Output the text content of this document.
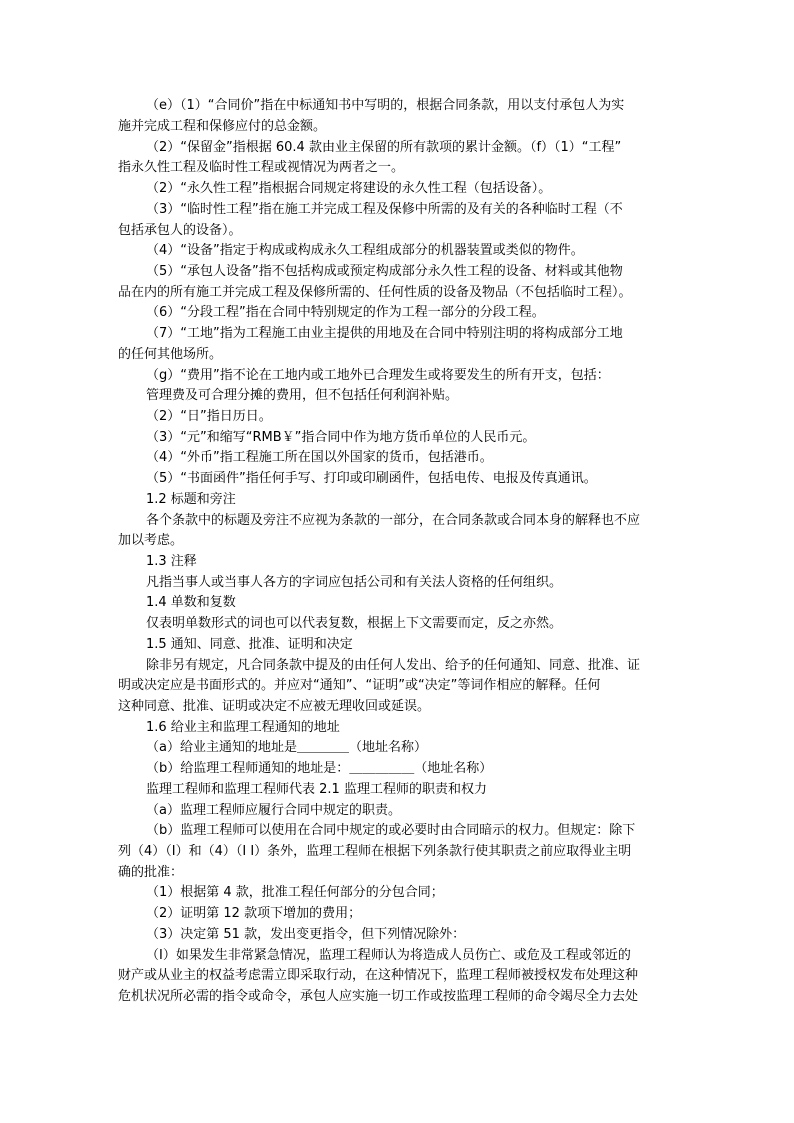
（e）（1）“合同价”指在中标通知书中写明的，根据合同条款，用以支付承包人为实
施并完成工程和保修应付的总金额。
（2）“保留金”指根据 60.4 款由业主保留的所有款项的累计金额。（f）（1）“工程”
指永久性工程及临时性工程或视情况为两者之一。
（2）“永久性工程”指根据合同规定将建设的永久性工程（包括设备）。
（3）“临时性工程”指在施工并完成工程及保修中所需的及有关的各种临时工程（不
包括承包人的设备）。
（4）“设备”指定于构成或构成永久工程组成部分的机器装置或类似的物件。
（5）“承包人设备”指不包括构成或预定构成部分永久性工程的设备、材料或其他物
品在内的所有施工并完成工程及保修所需的、任何性质的设备及物品（不包括临时工程）。
（6）“分段工程”指在合同中特别规定的作为工程一部分的分段工程。
（7）“工地”指为工程施工由业主提供的用地及在合同中特别注明的将构成部分工地
的任何其他场所。
（g）“费用”指不论在工地内或工地外已合理发生或将要发生的所有开支，包括：
管理费及可合理分摊的费用，但不包括任何利润补贴。
（2）“日”指日历日。
（3）“元”和缩写“RMB￥”指合同中作为地方货币单位的人民币元。
（4）“外币”指工程施工所在国以外国家的货币，包括港币。
（5）“书面函件”指任何手写、打印或印刷函件，包括电传、电报及传真通讯。
1.2 标题和旁注
各个条款中的标题及旁注不应视为条款的一部分，在合同条款或合同本身的解释也不应
加以考虑。
1.3 注释
凡指当事人或当事人各方的字词应包括公司和有关法人资格的任何组织。
1.4 单数和复数
仅表明单数形式的词也可以代表复数，根据上下文需要而定，反之亦然。
1.5 通知、同意、批准、证明和决定
除非另有规定，凡合同条款中提及的由任何人发出、给予的任何通知、同意、批准、证
明或决定应是书面形式的。并应对“通知”、“证明”或“决定”等词作相应的解释。任何
这种同意、批准、证明或决定不应被无理收回或延误。
1.6 给业主和监理工程通知的地址
（a）给业主通知的地址是＿＿＿＿（地址名称）
（b）给监理工程师通知的地址是：＿＿＿＿＿（地址名称）
监理工程师和监理工程师代表 2.1 监理工程师的职责和权力
（a）监理工程师应履行合同中规定的职责。
（b）监理工程师可以使用在合同中规定的或必要时由合同暗示的权力。但规定：除下
列（4）（I）和（4）（I I）条外，监理工程师在根据下列条款行使其职责之前应取得业主明
确的批准：
（1）根据第 4 款，批准工程任何部分的分包合同；
（2）证明第 12 款项下增加的费用；
（3）决定第 51 款，发出变更指令，但下列情况除外：
（I）如果发生非常紧急情况，监理工程师认为将造成人员伤亡、或危及工程或邻近的
财产或从业主的权益考虑需立即采取行动，在这种情况下，监理工程师被授权发布处理这种
危机状况所必需的指令或命令，承包人应实施一切工作或按监理工程师的命令竭尽全力去处
